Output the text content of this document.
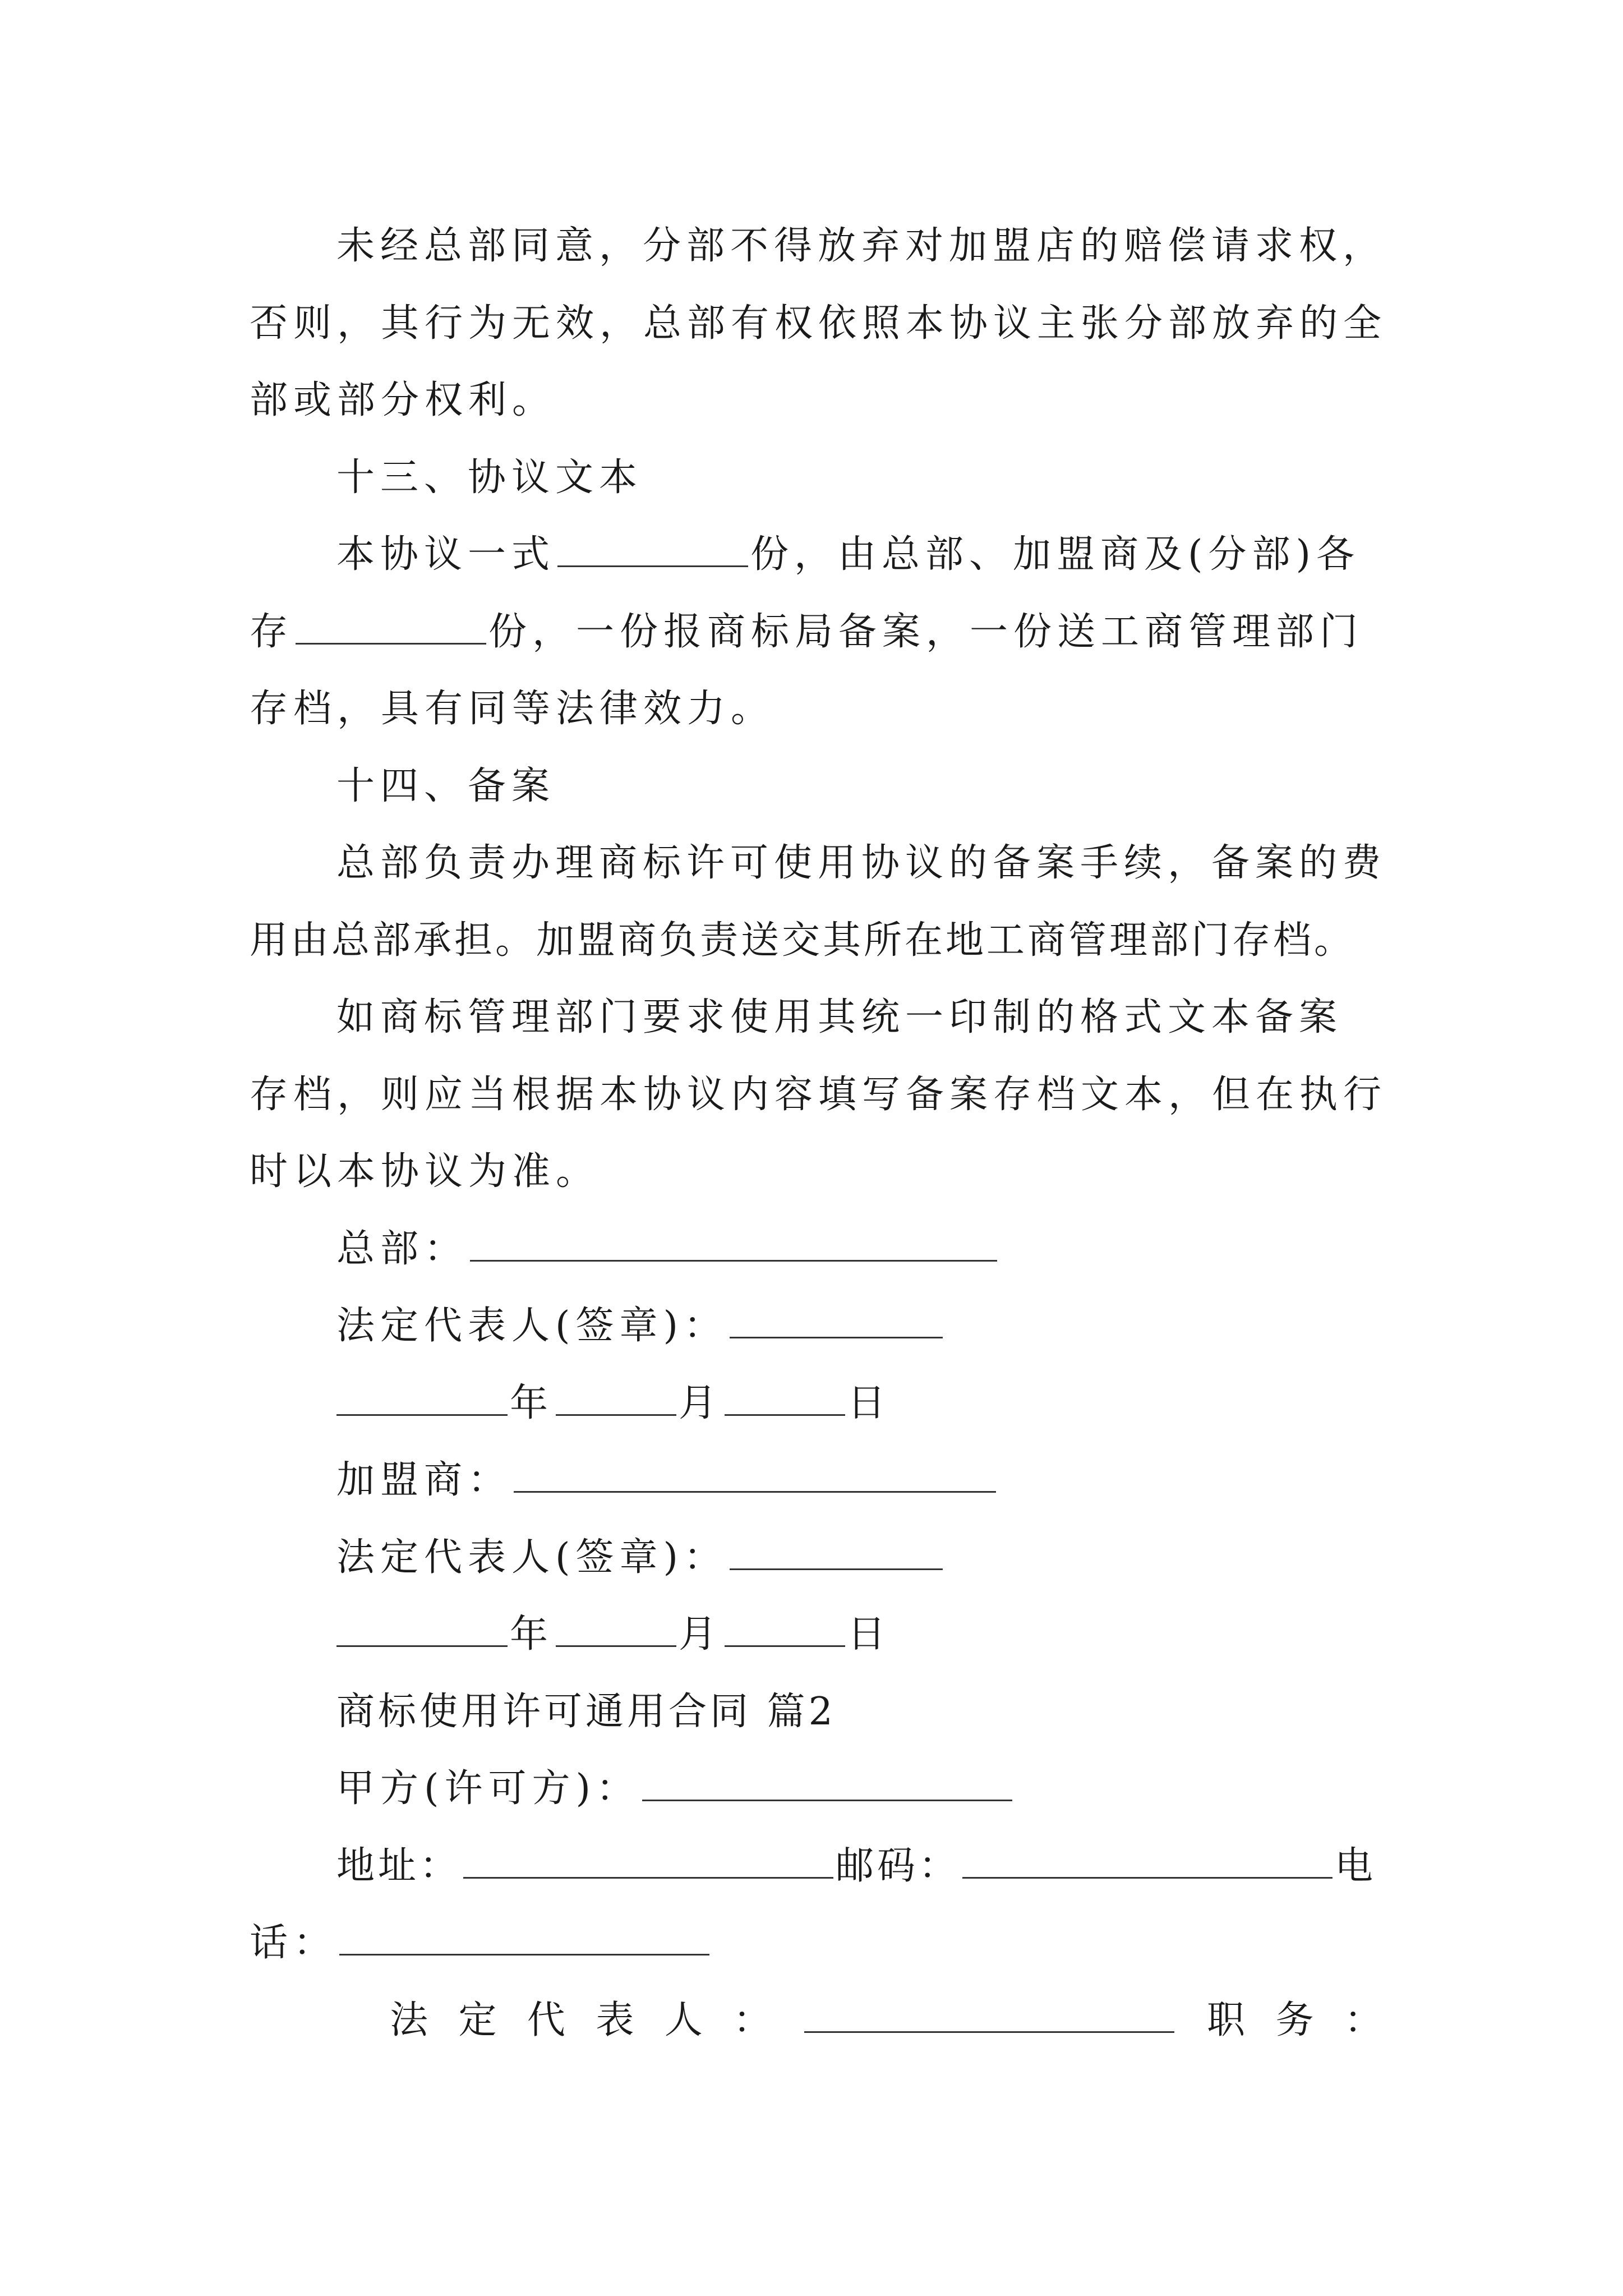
未经总部同意，分部不得放弃对加盟店的赔偿请求权，
否则，其行为无效，总部有权依照本协议主张分部放弃的全
部或部分权利。
十三、协议文本
本协议一式	份，由总部、加盟商及(分部)各
存	份，一份报商标局备案，一份送工商管理部门
存档，具有同等法律效力。
十四、备案
总部负责办理商标许可使用协议的备案手续，备案的费
用由总部承担。加盟商负责送交其所在地工商管理部门存档。
如商标管理部门要求使用其统一印制的格式文本备案
存档，则应当根据本协议内容填写备案存档文本，但在执行
时以本协议为准。
总部：
法定代表人(签章)：
年	月	日
加盟商：
法定代表人(签章)：
年	月	日
商标使用许可通用合同 篇2
甲方(许可方)：
地址：	邮码：	电
话：
法 定 代 表 人 ：	职 务 ：
